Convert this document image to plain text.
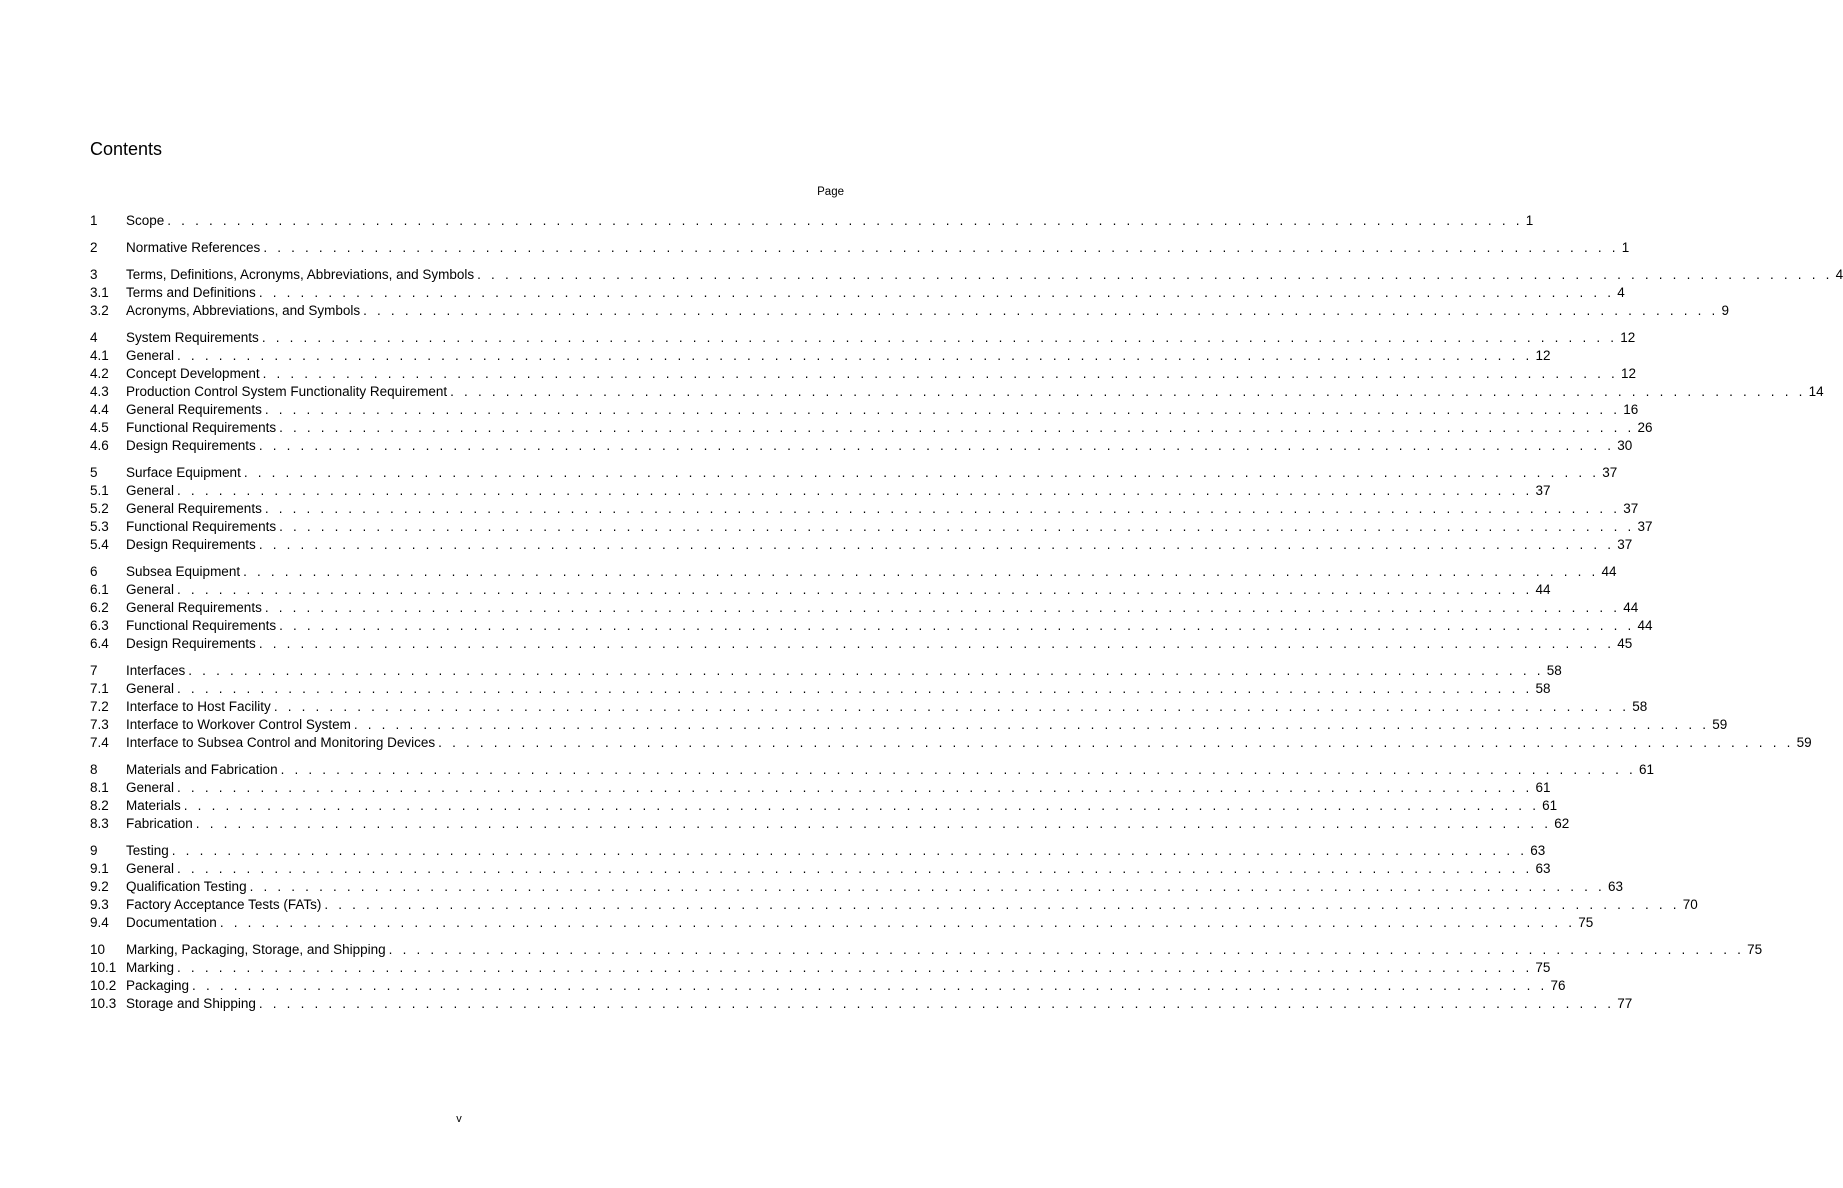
Contents
Page
1	Scope . . . . . . . . . . . . . . . . . . . . . . . . . . . . . . . . . . . . . . . . . . . . . . . . . . . . . . . . . . . . . . . . . . . . . . . . . . . . . . . . . . . . . . . . . . . . . . . . . . 1
2	Normative References . . . . . . . . . . . . . . . . . . . . . . . . . . . . . . . . . . . . . . . . . . . . . . . . . . . . . . . . . . . . . . . . . . . . . . . . . . . . . . . . . . . . . . . . . . . . . . . . . . 1
3	Terms, Definitions, Acronyms, Abbreviations, and Symbols . . . . . . . . . . . . . . . . . . . . . . . . . . . . . . . . . . . . . . . . . . . . . . . . . . . . . . . . . . . . . . . . . . . . . . . . . . . . . . . . . . . . . . . . . . . . . . . . . . 4
3.1	Terms and Definitions . . . . . . . . . . . . . . . . . . . . . . . . . . . . . . . . . . . . . . . . . . . . . . . . . . . . . . . . . . . . . . . . . . . . . . . . . . . . . . . . . . . . . . . . . . . . . . . . . . 4
3.2	Acronyms, Abbreviations, and Symbols . . . . . . . . . . . . . . . . . . . . . . . . . . . . . . . . . . . . . . . . . . . . . . . . . . . . . . . . . . . . . . . . . . . . . . . . . . . . . . . . . . . . . . . . . . . . . . . . . . 9
4	System Requirements . . . . . . . . . . . . . . . . . . . . . . . . . . . . . . . . . . . . . . . . . . . . . . . . . . . . . . . . . . . . . . . . . . . . . . . . . . . . . . . . . . . . . . . . . . . . . . . . . . 12
4.1	General . . . . . . . . . . . . . . . . . . . . . . . . . . . . . . . . . . . . . . . . . . . . . . . . . . . . . . . . . . . . . . . . . . . . . . . . . . . . . . . . . . . . . . . . . . . . . . . . . . 12
4.2	Concept Development . . . . . . . . . . . . . . . . . . . . . . . . . . . . . . . . . . . . . . . . . . . . . . . . . . . . . . . . . . . . . . . . . . . . . . . . . . . . . . . . . . . . . . . . . . . . . . . . . . 12
4.3	Production Control System Functionality Requirement . . . . . . . . . . . . . . . . . . . . . . . . . . . . . . . . . . . . . . . . . . . . . . . . . . . . . . . . . . . . . . . . . . . . . . . . . . . . . . . . . . . . . . . . . . . . . . . . . . 14
4.4	General Requirements . . . . . . . . . . . . . . . . . . . . . . . . . . . . . . . . . . . . . . . . . . . . . . . . . . . . . . . . . . . . . . . . . . . . . . . . . . . . . . . . . . . . . . . . . . . . . . . . . . 16
4.5	Functional Requirements . . . . . . . . . . . . . . . . . . . . . . . . . . . . . . . . . . . . . . . . . . . . . . . . . . . . . . . . . . . . . . . . . . . . . . . . . . . . . . . . . . . . . . . . . . . . . . . . . . 26
4.6	Design Requirements . . . . . . . . . . . . . . . . . . . . . . . . . . . . . . . . . . . . . . . . . . . . . . . . . . . . . . . . . . . . . . . . . . . . . . . . . . . . . . . . . . . . . . . . . . . . . . . . . . 30
5	Surface Equipment . . . . . . . . . . . . . . . . . . . . . . . . . . . . . . . . . . . . . . . . . . . . . . . . . . . . . . . . . . . . . . . . . . . . . . . . . . . . . . . . . . . . . . . . . . . . . . . . . . 37
5.1	General . . . . . . . . . . . . . . . . . . . . . . . . . . . . . . . . . . . . . . . . . . . . . . . . . . . . . . . . . . . . . . . . . . . . . . . . . . . . . . . . . . . . . . . . . . . . . . . . . . 37
5.2	General Requirements . . . . . . . . . . . . . . . . . . . . . . . . . . . . . . . . . . . . . . . . . . . . . . . . . . . . . . . . . . . . . . . . . . . . . . . . . . . . . . . . . . . . . . . . . . . . . . . . . . 37
5.3	Functional Requirements . . . . . . . . . . . . . . . . . . . . . . . . . . . . . . . . . . . . . . . . . . . . . . . . . . . . . . . . . . . . . . . . . . . . . . . . . . . . . . . . . . . . . . . . . . . . . . . . . . 37
5.4	Design Requirements . . . . . . . . . . . . . . . . . . . . . . . . . . . . . . . . . . . . . . . . . . . . . . . . . . . . . . . . . . . . . . . . . . . . . . . . . . . . . . . . . . . . . . . . . . . . . . . . . . 37
6	Subsea Equipment . . . . . . . . . . . . . . . . . . . . . . . . . . . . . . . . . . . . . . . . . . . . . . . . . . . . . . . . . . . . . . . . . . . . . . . . . . . . . . . . . . . . . . . . . . . . . . . . . . 44
6.1	General . . . . . . . . . . . . . . . . . . . . . . . . . . . . . . . . . . . . . . . . . . . . . . . . . . . . . . . . . . . . . . . . . . . . . . . . . . . . . . . . . . . . . . . . . . . . . . . . . . 44
6.2	General Requirements . . . . . . . . . . . . . . . . . . . . . . . . . . . . . . . . . . . . . . . . . . . . . . . . . . . . . . . . . . . . . . . . . . . . . . . . . . . . . . . . . . . . . . . . . . . . . . . . . . 44
6.3	Functional Requirements . . . . . . . . . . . . . . . . . . . . . . . . . . . . . . . . . . . . . . . . . . . . . . . . . . . . . . . . . . . . . . . . . . . . . . . . . . . . . . . . . . . . . . . . . . . . . . . . . . 44
6.4	Design Requirements . . . . . . . . . . . . . . . . . . . . . . . . . . . . . . . . . . . . . . . . . . . . . . . . . . . . . . . . . . . . . . . . . . . . . . . . . . . . . . . . . . . . . . . . . . . . . . . . . . 45
7	Interfaces . . . . . . . . . . . . . . . . . . . . . . . . . . . . . . . . . . . . . . . . . . . . . . . . . . . . . . . . . . . . . . . . . . . . . . . . . . . . . . . . . . . . . . . . . . . . . . . . . . 58
7.1	General . . . . . . . . . . . . . . . . . . . . . . . . . . . . . . . . . . . . . . . . . . . . . . . . . . . . . . . . . . . . . . . . . . . . . . . . . . . . . . . . . . . . . . . . . . . . . . . . . . 58
7.2	Interface to Host Facility . . . . . . . . . . . . . . . . . . . . . . . . . . . . . . . . . . . . . . . . . . . . . . . . . . . . . . . . . . . . . . . . . . . . . . . . . . . . . . . . . . . . . . . . . . . . . . . . . . 58
7.3	Interface to Workover Control System . . . . . . . . . . . . . . . . . . . . . . . . . . . . . . . . . . . . . . . . . . . . . . . . . . . . . . . . . . . . . . . . . . . . . . . . . . . . . . . . . . . . . . . . . . . . . . . . . . 59
7.4	Interface to Subsea Control and Monitoring Devices . . . . . . . . . . . . . . . . . . . . . . . . . . . . . . . . . . . . . . . . . . . . . . . . . . . . . . . . . . . . . . . . . . . . . . . . . . . . . . . . . . . . . . . . . . . . . . . . . . 59
8	Materials and Fabrication . . . . . . . . . . . . . . . . . . . . . . . . . . . . . . . . . . . . . . . . . . . . . . . . . . . . . . . . . . . . . . . . . . . . . . . . . . . . . . . . . . . . . . . . . . . . . . . . . . 61
8.1	General . . . . . . . . . . . . . . . . . . . . . . . . . . . . . . . . . . . . . . . . . . . . . . . . . . . . . . . . . . . . . . . . . . . . . . . . . . . . . . . . . . . . . . . . . . . . . . . . . . 61
8.2	Materials . . . . . . . . . . . . . . . . . . . . . . . . . . . . . . . . . . . . . . . . . . . . . . . . . . . . . . . . . . . . . . . . . . . . . . . . . . . . . . . . . . . . . . . . . . . . . . . . . . 61
8.3	Fabrication . . . . . . . . . . . . . . . . . . . . . . . . . . . . . . . . . . . . . . . . . . . . . . . . . . . . . . . . . . . . . . . . . . . . . . . . . . . . . . . . . . . . . . . . . . . . . . . . . . 62
9	Testing . . . . . . . . . . . . . . . . . . . . . . . . . . . . . . . . . . . . . . . . . . . . . . . . . . . . . . . . . . . . . . . . . . . . . . . . . . . . . . . . . . . . . . . . . . . . . . . . . . 63
9.1	General . . . . . . . . . . . . . . . . . . . . . . . . . . . . . . . . . . . . . . . . . . . . . . . . . . . . . . . . . . . . . . . . . . . . . . . . . . . . . . . . . . . . . . . . . . . . . . . . . . 63
9.2	Qualification Testing . . . . . . . . . . . . . . . . . . . . . . . . . . . . . . . . . . . . . . . . . . . . . . . . . . . . . . . . . . . . . . . . . . . . . . . . . . . . . . . . . . . . . . . . . . . . . . . . . . 63
9.3	Factory Acceptance Tests (FATs) . . . . . . . . . . . . . . . . . . . . . . . . . . . . . . . . . . . . . . . . . . . . . . . . . . . . . . . . . . . . . . . . . . . . . . . . . . . . . . . . . . . . . . . . . . . . . . . . . . 70
9.4	Documentation . . . . . . . . . . . . . . . . . . . . . . . . . . . . . . . . . . . . . . . . . . . . . . . . . . . . . . . . . . . . . . . . . . . . . . . . . . . . . . . . . . . . . . . . . . . . . . . . . . 75
10	Marking, Packaging, Storage, and Shipping . . . . . . . . . . . . . . . . . . . . . . . . . . . . . . . . . . . . . . . . . . . . . . . . . . . . . . . . . . . . . . . . . . . . . . . . . . . . . . . . . . . . . . . . . . . . . . . . . . 75
10.1 Marking . . . . . . . . . . . . . . . . . . . . . . . . . . . . . . . . . . . . . . . . . . . . . . . . . . . . . . . . . . . . . . . . . . . . . . . . . . . . . . . . . . . . . . . . . . . . . . . . . . 75
10.2 Packaging . . . . . . . . . . . . . . . . . . . . . . . . . . . . . . . . . . . . . . . . . . . . . . . . . . . . . . . . . . . . . . . . . . . . . . . . . . . . . . . . . . . . . . . . . . . . . . . . . . 76
10.3 Storage and Shipping . . . . . . . . . . . . . . . . . . . . . . . . . . . . . . . . . . . . . . . . . . . . . . . . . . . . . . . . . . . . . . . . . . . . . . . . . . . . . . . . . . . . . . . . . . . . . . . . . . 77
v
